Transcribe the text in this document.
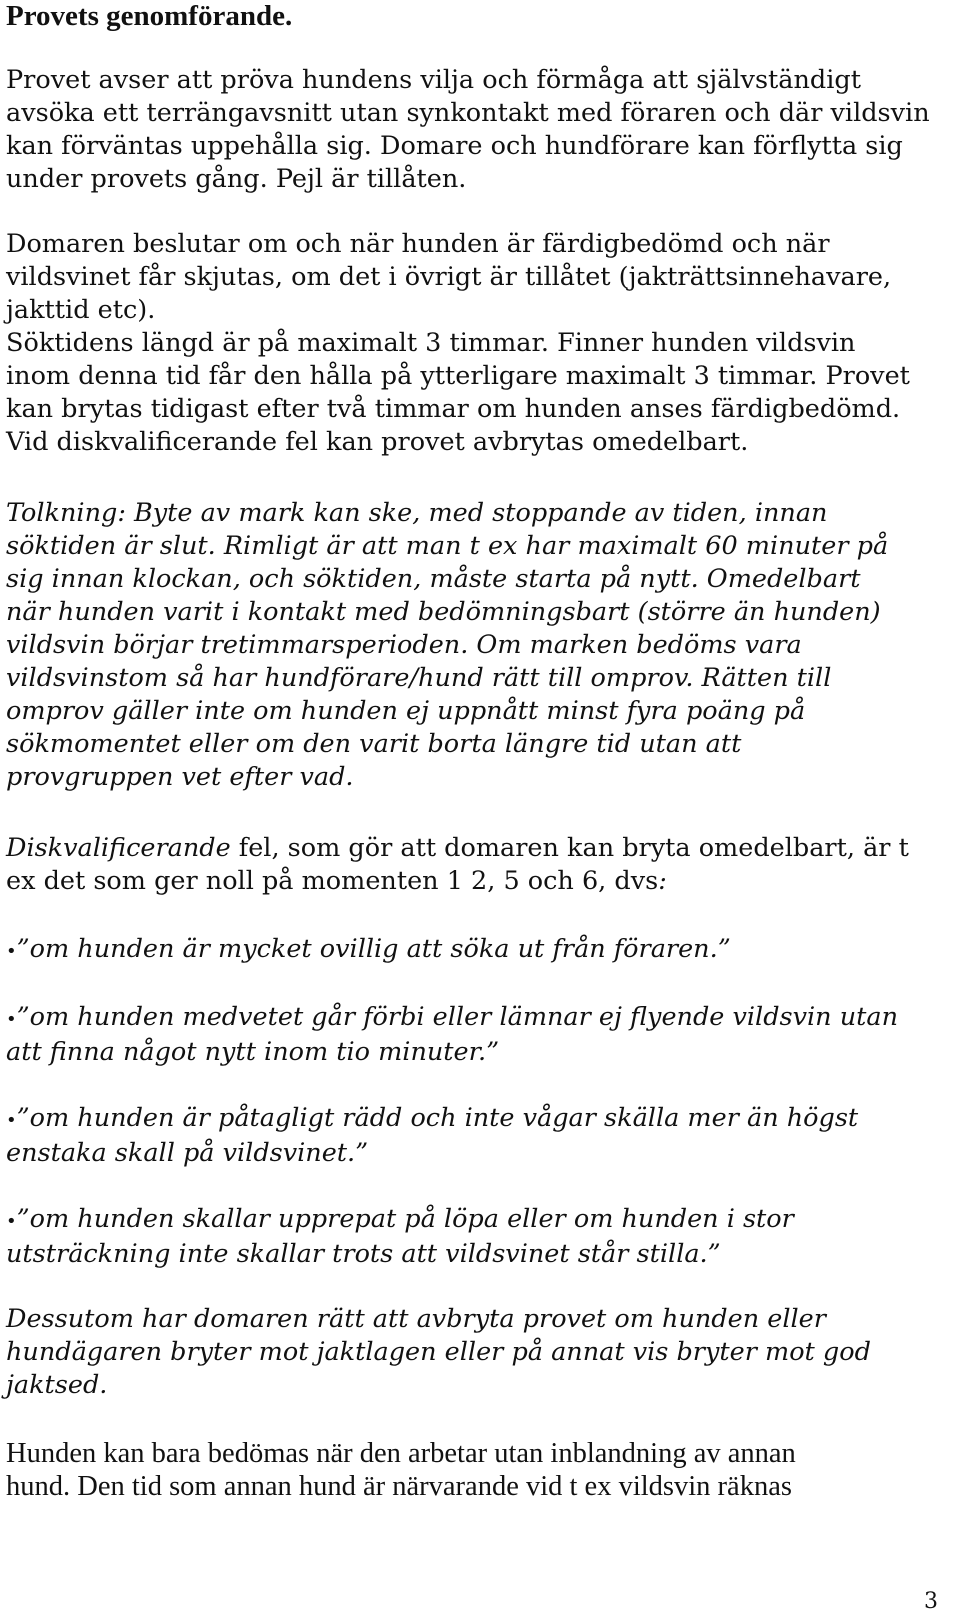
Provets genomförande.
Provet avser att pröva hundens vilja och förmåga att självständigt
avsöka ett terrängavsnitt utan synkontakt med föraren och där vildsvin
kan förväntas uppehålla sig. Domare och hundförare kan förflytta sig
under provets gång. Pejl är tillåten.
Domaren beslutar om och när hunden är färdigbedömd och när
vildsvinet får skjutas, om det i övrigt är tillåtet (jakträttsinnehavare,
jakttid etc).
Söktidens längd är på maximalt 3 timmar. Finner hunden vildsvin
inom denna tid får den hålla på ytterligare maximalt 3 timmar. Provet
kan brytas tidigast efter två timmar om hunden anses färdigbedömd.
Vid diskvalificerande fel kan provet avbrytas omedelbart.
Tolkning: Byte av mark kan ske, med stoppande av tiden, innan
söktiden är slut. Rimligt är att man t ex har maximalt 60 minuter på
sig innan klockan, och söktiden, måste starta på nytt. Omedelbart
när hunden varit i kontakt med bedömningsbart (större än hunden)
vildsvin börjar tretimmarsperioden. Om marken bedöms vara
vildsvinstom så har hundförare/hund rätt till omprov. Rätten till
omprov gäller inte om hunden ej uppnått minst fyra poäng på
sökmomentet eller om den varit borta längre tid utan att
provgruppen vet efter vad.
Diskvalificerande fel, som gör att domaren kan bryta omedelbart, är t
ex det som ger noll på momenten 1 2, 5 och 6, dvs:
•”om hunden är mycket ovillig att söka ut från föraren.”
•”om hunden medvetet går förbi eller lämnar ej flyende vildsvin utan
att finna något nytt inom tio minuter.”
•”om hunden är påtagligt rädd och inte vågar skälla mer än högst
enstaka skall på vildsvinet.”
•”om hunden skallar upprepat på löpa eller om hunden i stor
utsträckning inte skallar trots att vildsvinet står stilla.”
Dessutom har domaren rätt att avbryta provet om hunden eller
hundägaren bryter mot jaktlagen eller på annat vis bryter mot god
jaktsed.
Hunden kan bara bedömas när den arbetar utan inblandning av annan
hund. Den tid som annan hund är närvarande vid t ex vildsvin räknas
3
